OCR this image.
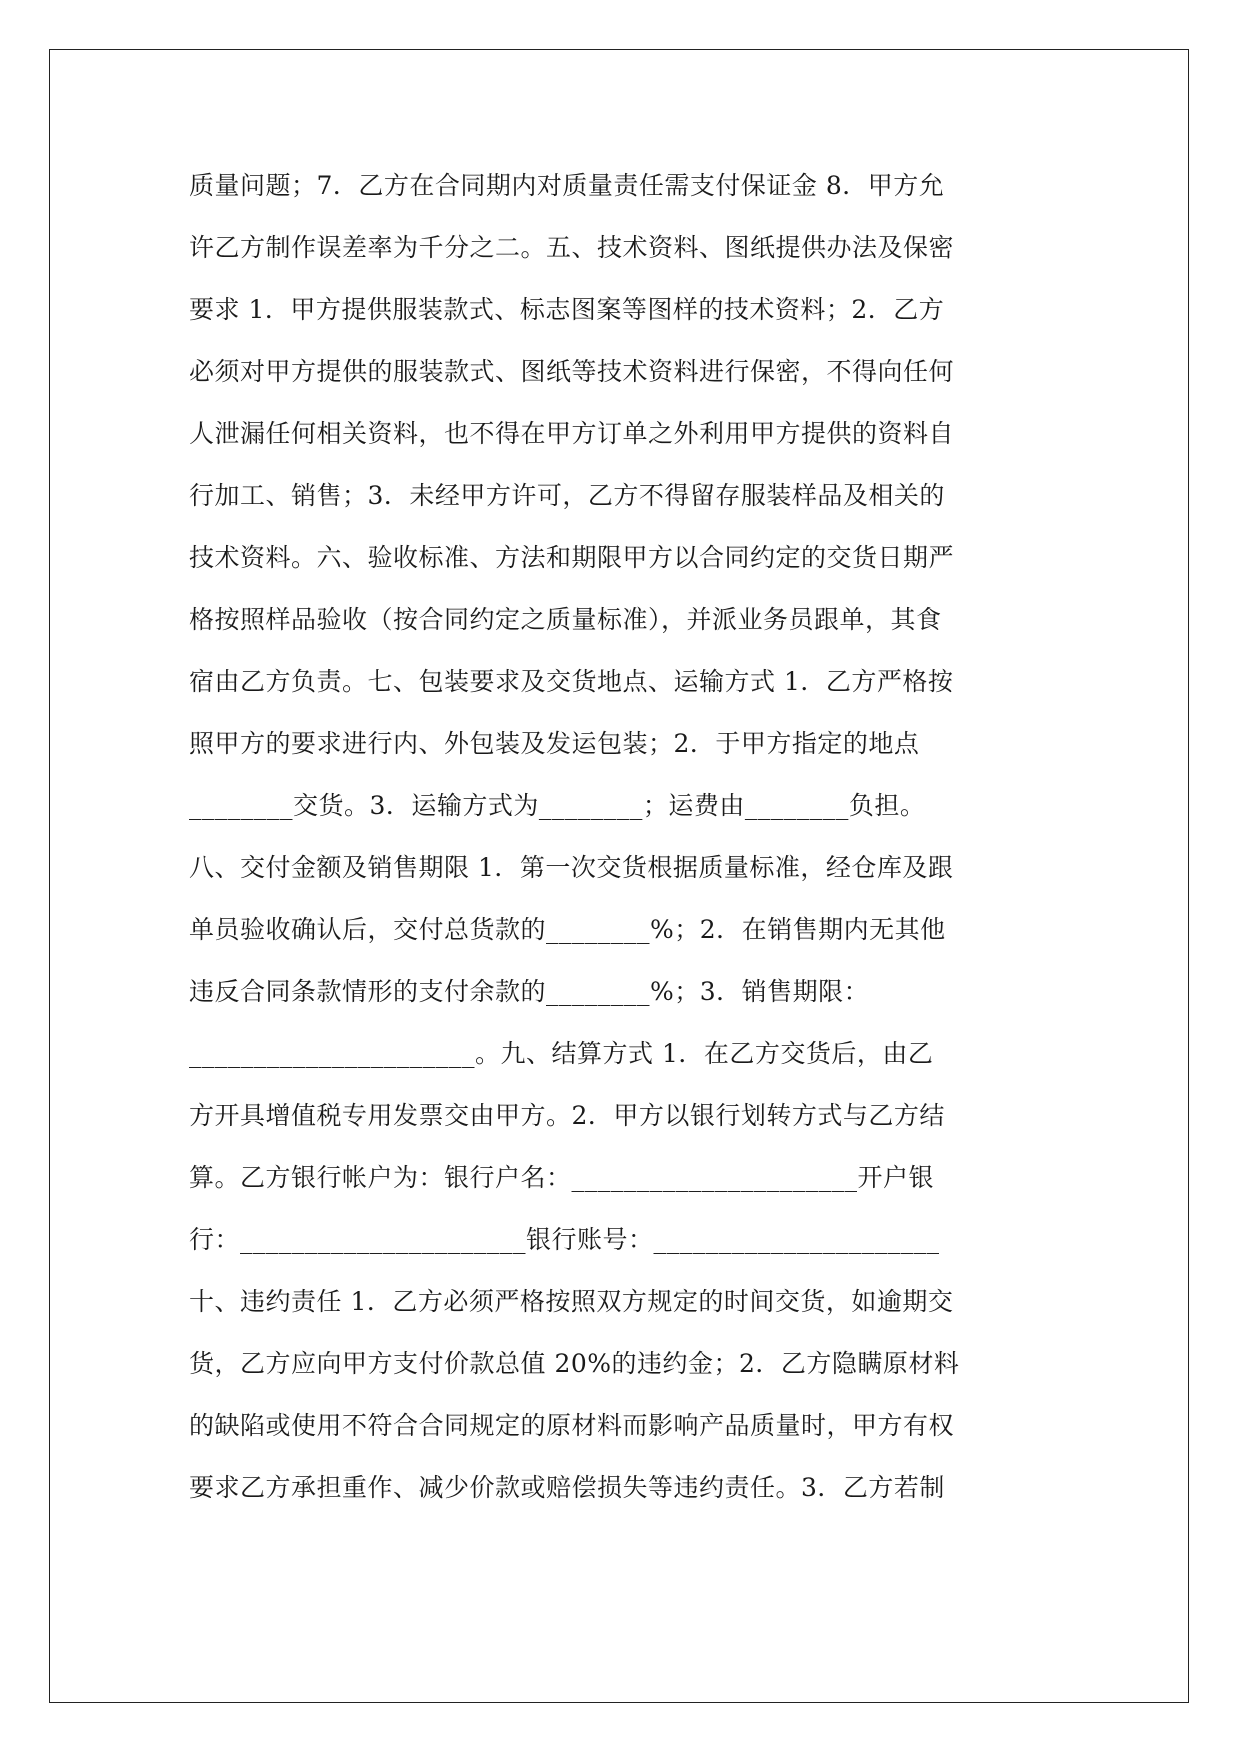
质量问题；7．乙方在合同期内对质量责任需支付保证金 8．甲方允
许乙方制作误差率为千分之二。五、技术资料、图纸提供办法及保密
要求 1．甲方提供服装款式、标志图案等图样的技术资料；2．乙方
必须对甲方提供的服装款式、图纸等技术资料进行保密，不得向任何
人泄漏任何相关资料，也不得在甲方订单之外利用甲方提供的资料自
行加工、销售；3．未经甲方许可，乙方不得留存服装样品及相关的
技术资料。六、验收标准、方法和期限甲方以合同约定的交货日期严
格按照样品验收（按合同约定之质量标准），并派业务员跟单，其食
宿由乙方负责。七、包装要求及交货地点、运输方式 1．乙方严格按
照甲方的要求进行内、外包装及发运包装；2．于甲方指定的地点
________交货。3．运输方式为________；运费由________负担。
八、交付金额及销售期限 1．第一次交货根据质量标准，经仓库及跟
单员验收确认后，交付总货款的________%；2．在销售期内无其他
违反合同条款情形的支付余款的________%；3．销售期限：
______________________。九、结算方式 1．在乙方交货后，由乙
方开具增值税专用发票交由甲方。2．甲方以银行划转方式与乙方结
算。乙方银行帐户为：银行户名：______________________开户银
行：______________________银行账号：______________________
十、违约责任 1．乙方必须严格按照双方规定的时间交货，如逾期交
货，乙方应向甲方支付价款总值 20%的违约金；2．乙方隐瞒原材料
的缺陷或使用不符合合同规定的原材料而影响产品质量时，甲方有权
要求乙方承担重作、减少价款或赔偿损失等违约责任。3．乙方若制
